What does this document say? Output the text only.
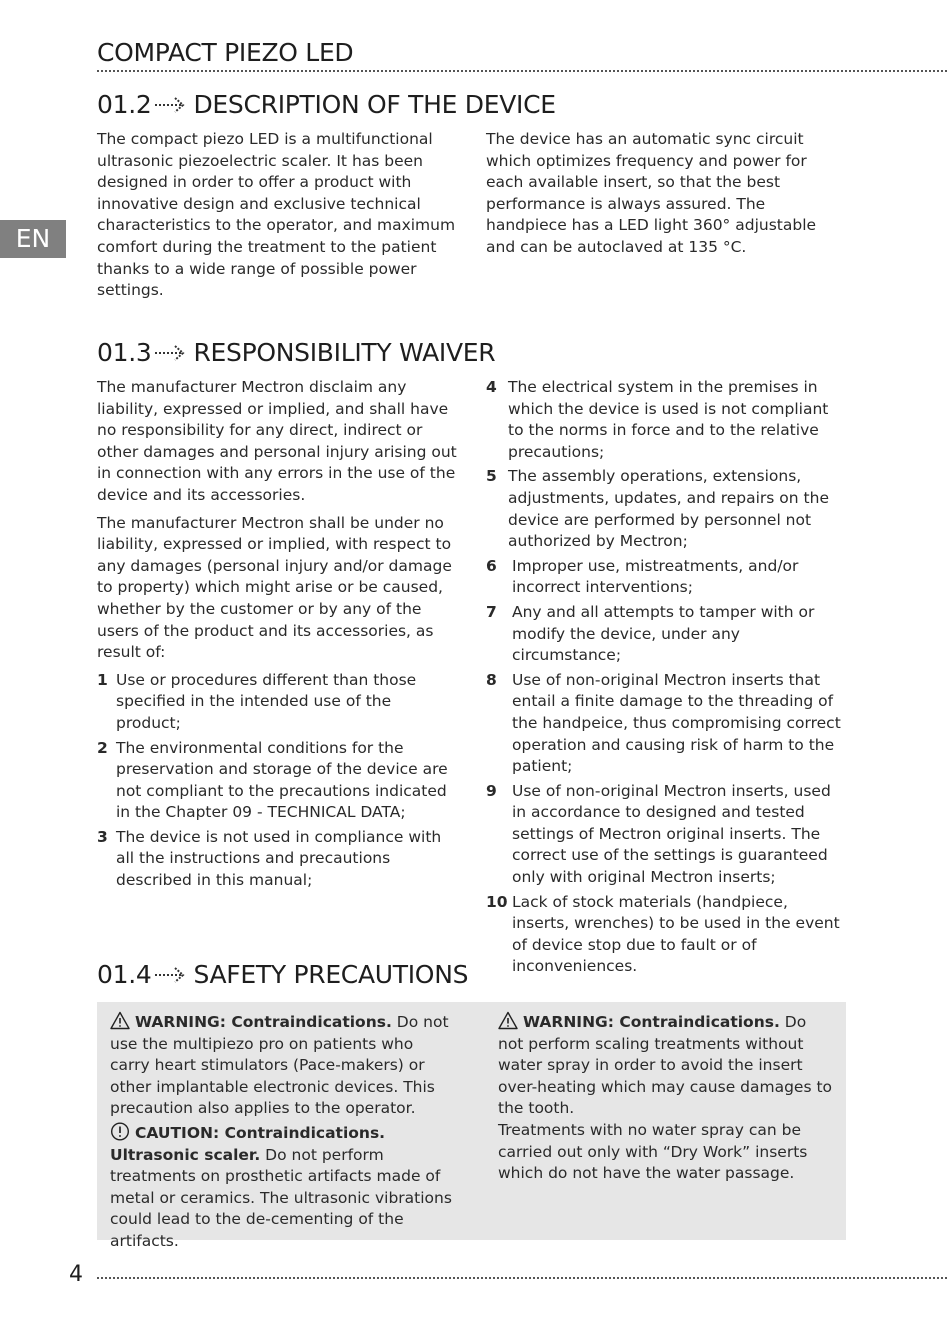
COMPACT PIEZO LED
EN
01.2 DESCRIPTION OF THE DEVICE

The compact piezo LED is a multifunctional ultrasonic piezoelectric scaler. It has been designed in order to offer a product with innovative design and exclusive technical characteristics to the operator, and maximum comfort during the treatment to the patient thanks to a wide range of possible power settings.

The device has an automatic sync circuit which optimizes frequency and power for each available insert, so that the best performance is always assured. The handpiece has a LED light 360° adjustable and can be autoclaved at 135 °C.

01.3 RESPONSIBILITY WAIVER

The manufacturer Mectron disclaim any liability, expressed or implied, and shall have no responsibility for any direct, indirect or other damages and personal injury arising out in connection with any errors in the use of the device and its accessories.

The manufacturer Mectron shall be under no liability, expressed or implied, with respect to any damages (personal injury and/or damage to property) which might arise or be caused, whether by the customer or by any of the users of the product and its accessories, as result of:

1 Use or procedures different than those specified in the intended use of the product;
2 The environmental conditions for the preservation and storage of the device are not compliant to the precautions indicated in the Chapter 09 - TECHNICAL DATA;
3 The device is not used in compliance with all the instructions and precautions described in this manual;
4 The electrical system in the premises in which the device is used is not compliant to the norms in force and to the relative precautions;
5 The assembly operations, extensions, adjustments, updates, and repairs on the device are performed by personnel not authorized by Mectron;
6 Improper use, mistreatments, and/or incorrect interventions;
7 Any and all attempts to tamper with or modify the device, under any circumstance;
8 Use of non-original Mectron inserts that entail a finite damage to the threading of the handpeice, thus compromising correct operation and causing risk of harm to the patient;
9 Use of non-original Mectron inserts, used in accordance to designed and tested settings of Mectron original inserts. The correct use of the settings is guaranteed only with original Mectron inserts;
10 Lack of stock materials (handpiece, inserts, wrenches) to be used in the event of device stop due to fault or of inconveniences.
01.4 SAFETY PRECAUTIONS

WARNING: Contraindications. Do not use the multipiezo pro on patients who carry heart stimulators (Pace-makers) or other implantable electronic devices. This precaution also applies to the operator.

CAUTION: Contraindications. Ultrasonic scaler. Do not perform treatments on prosthetic artifacts made of metal or ceramics. The ultrasonic vibrations could lead to the de-cementing of the artifacts.

WARNING: Contraindications. Do not perform scaling treatments without water spray in order to avoid the insert over-heating which may cause damages to the tooth.

Treatments with no water spray can be carried out only with “Dry Work” inserts which do not have the water passage.

4
